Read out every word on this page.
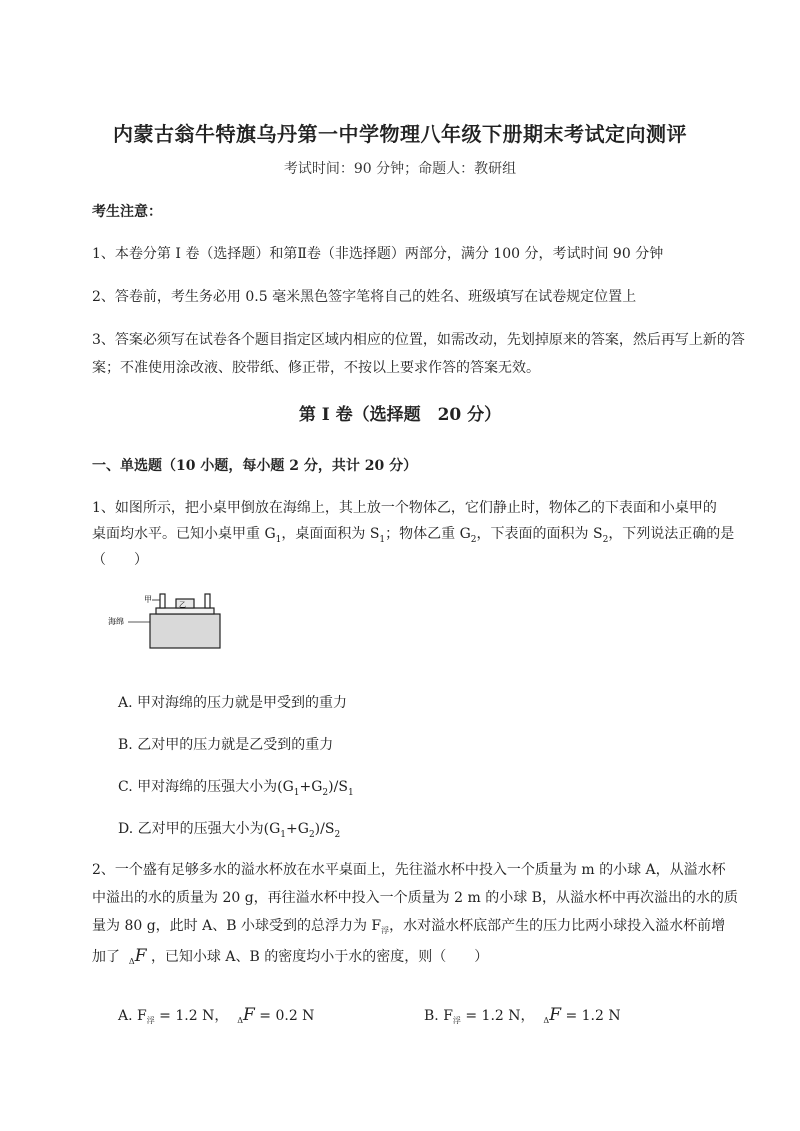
内蒙古翁牛特旗乌丹第一中学物理八年级下册期末考试定向测评
考试时间：90 分钟；命题人：教研组
考生注意：
1、本卷分第 I 卷（选择题）和第Ⅱ卷（非选择题）两部分，满分 100 分，考试时间 90 分钟
2、答卷前，考生务必用 0.5 毫米黑色签字笔将自己的姓名、班级填写在试卷规定位置上
3、答案必须写在试卷各个题目指定区域内相应的位置，如需改动，先划掉原来的答案，然后再写上新的答案；不准使用涂改液、胶带纸、修正带，不按以上要求作答的答案无效。
第 I 卷（选择题　20 分）
一、单选题（10 小题，每小题 2 分，共计 20 分）
1、如图所示，把小桌甲倒放在海绵上，其上放一个物体乙，它们静止时，物体乙的下表面和小桌甲的
桌面均水平。已知小桌甲重 $G_1$，桌面面积为 $S_1$；物体乙重 $G_2$，下表面的面积为 $S_2$，下列说法正确的是
（　　）
乙
甲
海绵
A. 甲对海绵的压力就是甲受到的重力
B. 乙对甲的压力就是乙受到的重力
C. 甲对海绵的压强大小为$(G_1+G_2)/S_1$
D. 乙对甲的压强大小为$(G_1+G_2)/S_2$
2、一个盛有足够多水的溢水杯放在水平桌面上，先往溢水杯中投入一个质量为 m 的小球 A，从溢水杯
中溢出的水的质量为 20 g，再往溢水杯中投入一个质量为 2 m 的小球 B，从溢水杯中再次溢出的水的质
量为 80 g，此时 A、B 小球受到的总浮力为 $F_浮$，水对溢水杯底部产生的压力比两小球投入溢水杯前增
加了 $_\Delta$F ，已知小球 A、B 的密度均小于水的密度，则（　　）
A. $F_浮 = 1.2$ N， $_\Delta$F = 0.2 N	B. $F_浮 = 1.2$ N， $_\Delta$F = 1.2 N
